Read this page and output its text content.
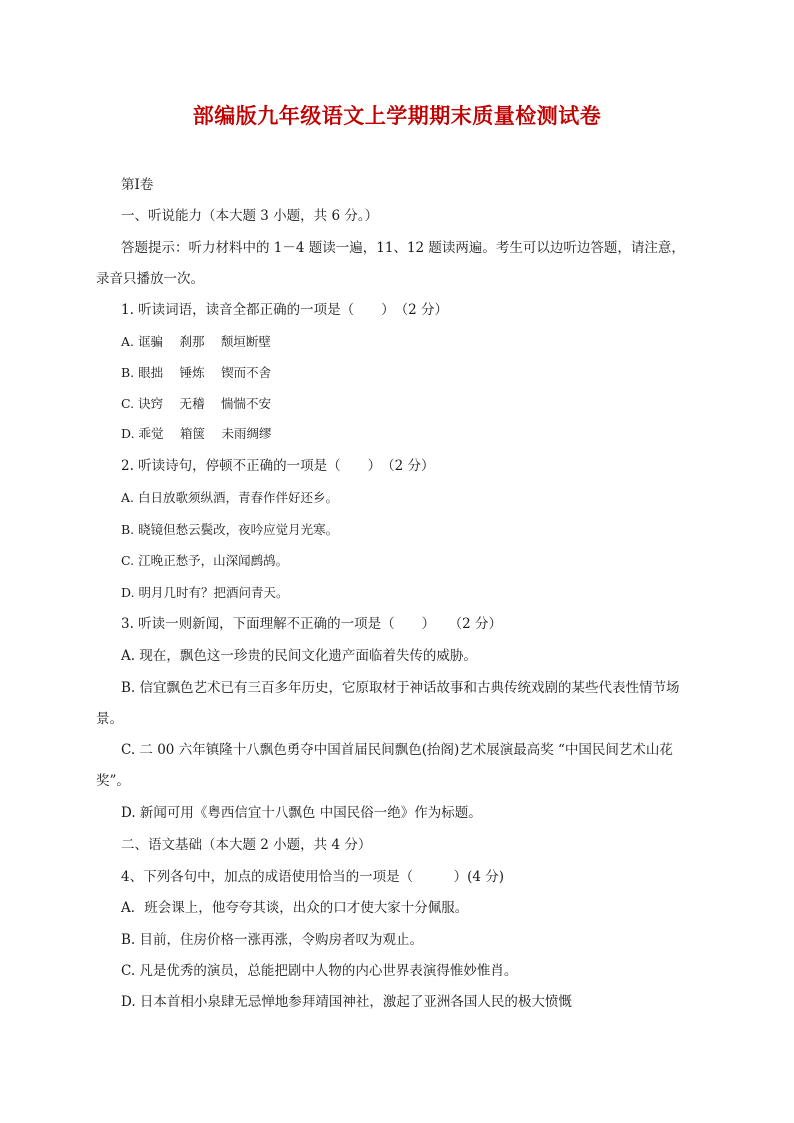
部编版九年级语文上学期期末质量检测试卷
第Ⅰ卷
一、听说能力（本大题 3 小题，共 6 分。）
答题提示：听力材料中的 1－4 题读一遍，11、12 题读两遍。考生可以边听边答题，请注意，
录音只播放一次。
1. 听读词语，读音全都正确的一项是（　　）　（2 分）
A. 诓骗　 刹那　 颓垣断壁
B. 眼拙　 锤炼　 锲而不舍
C. 诀窍　 无稽　 惴惴不安
D. 乖觉　 箱箧　 未雨绸缪
2. 听读诗句，停顿不正确的一项是（　　）　（2 分）
A. 白日放歌须纵酒，青春作伴好还乡。
B. 晓镜但愁云鬓改，夜吟应觉月光寒。
C. 江晚正愁予，山深闻鹧鸪。
D. 明月几时有？把酒问青天。
3. 听读一则新闻，下面理解不正确的一项是（　　）　　（2 分）
A. 现在，飘色这一珍贵的民间文化遗产面临着失传的威胁。
B. 信宜飘色艺术已有三百多年历史，它原取材于神话故事和古典传统戏剧的某些代表性情节场
景。
C. 二 00 六年镇隆十八飘色勇夺中国首届民间飘色(抬阁)艺术展演最高奖 “中国民间艺术山花
奖”。
D. 新闻可用《粤西信宜十八飘色 中国民俗一绝》作为标题。
二、语文基础（本大题 2 小题，共 4 分）
4、下列各句中，加点的成语使用恰当的一项是（　　　）(4 分)
A．班会课上，他夸夸其谈，出众的口才使大家十分佩服。
B. 目前，住房价格一涨再涨，令购房者叹为观止。
C. 凡是优秀的演员，总能把剧中人物的内心世界表演得惟妙惟肖。
D. 日本首相小泉肆无忌惮地参拜靖国神社，激起了亚洲各国人民的极大愤慨
